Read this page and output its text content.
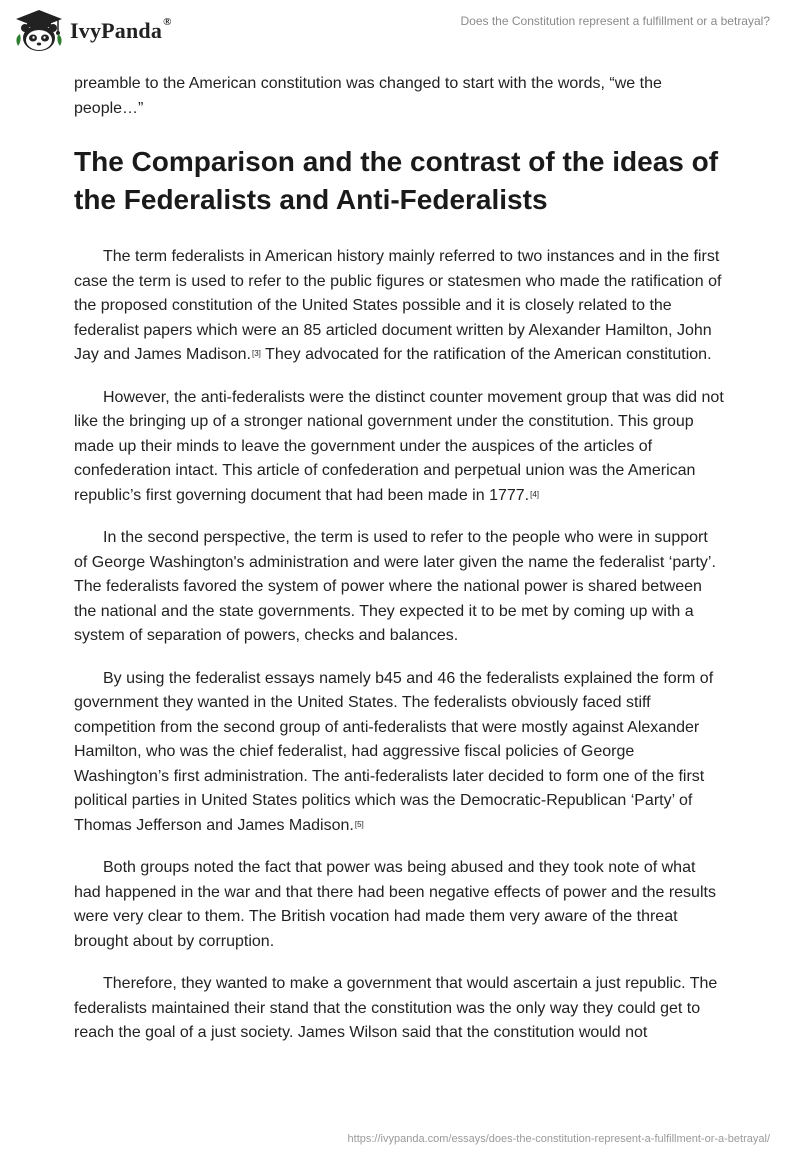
IvyPanda®	Does the Constitution represent a fulfillment or a betrayal?

preamble to the American constitution was changed to start with the words, “we the people…”

The Comparison and the contrast of the ideas of the Federalists and Anti-Federalists

The term federalists in American history mainly referred to two instances and in the first case the term is used to refer to the public figures or statesmen who made the ratification of the proposed constitution of the United States possible and it is closely related to the federalist papers which were an 85 articled document written by Alexander Hamilton, John Jay and James Madison.[3] They advocated for the ratification of the American constitution.

However, the anti-federalists were the distinct counter movement group that was did not like the bringing up of a stronger national government under the constitution. This group made up their minds to leave the government under the auspices of the articles of confederation intact. This article of confederation and perpetual union was the American republic’s first governing document that had been made in 1777.[4]

In the second perspective, the term is used to refer to the people who were in support of George Washington's administration and were later given the name the federalist ‘party’. The federalists favored the system of power where the national power is shared between the national and the state governments. They expected it to be met by coming up with a system of separation of powers, checks and balances.

By using the federalist essays namely b45 and 46 the federalists explained the form of government they wanted in the United States. The federalists obviously faced stiff competition from the second group of anti-federalists that were mostly against Alexander Hamilton, who was the chief federalist, had aggressive fiscal policies of George Washington’s first administration. The anti-federalists later decided to form one of the first political parties in United States politics which was the Democratic-Republican ‘Party’ of Thomas Jefferson and James Madison.[5]

Both groups noted the fact that power was being abused and they took note of what had happened in the war and that there had been negative effects of power and the results were very clear to them. The British vocation had made them very aware of the threat brought about by corruption.

Therefore, they wanted to make a government that would ascertain a just republic. The federalists maintained their stand that the constitution was the only way they could get to reach the goal of a just society. James Wilson said that the constitution would not

https://ivypanda.com/essays/does-the-constitution-represent-a-fulfillment-or-a-betrayal/
